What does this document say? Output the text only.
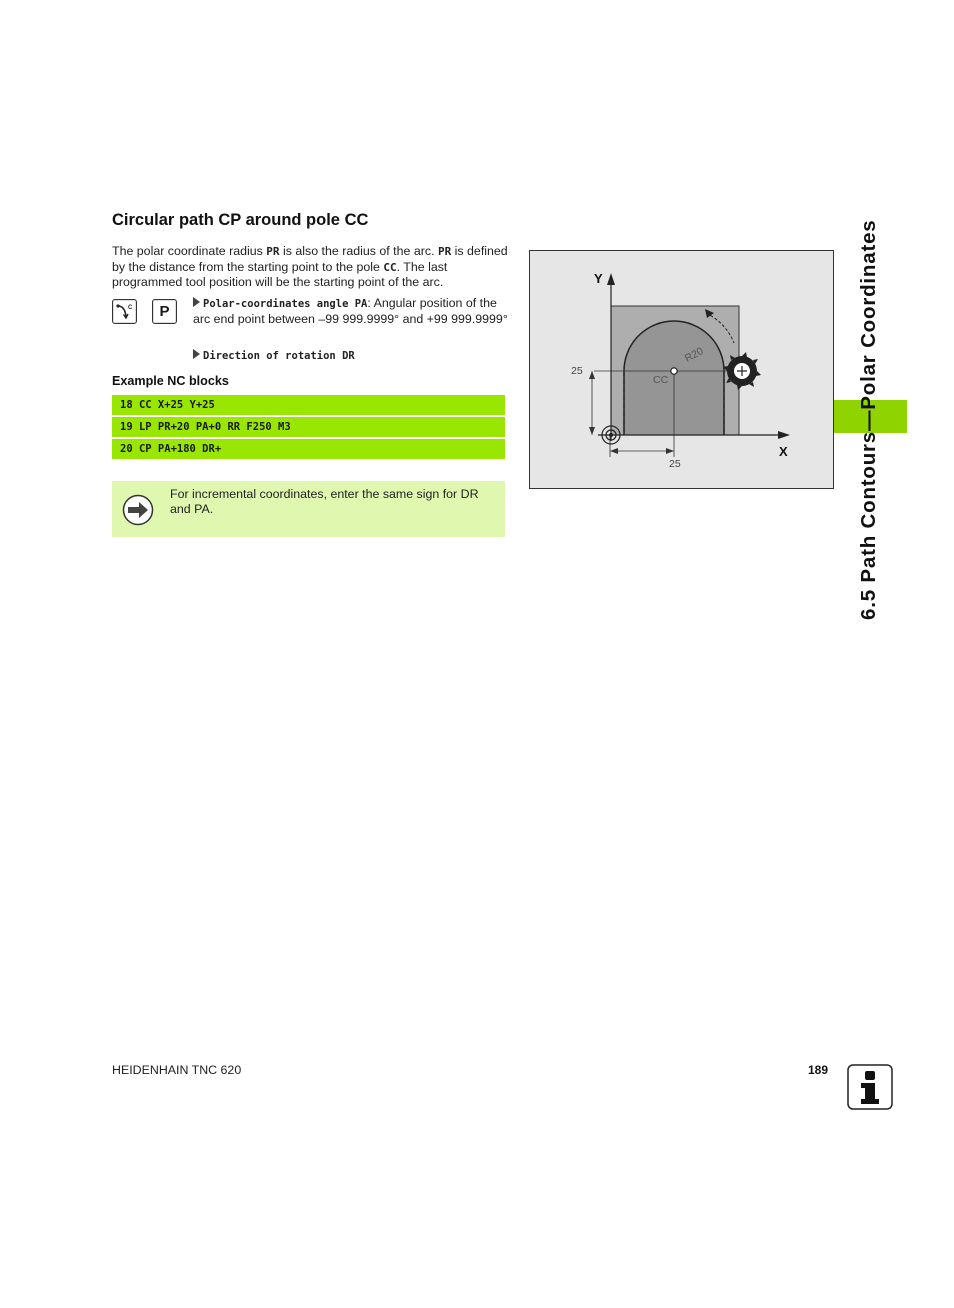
Circular path CP around pole CC
The polar coordinate radius PR is also the radius of the arc. PR is defined by the distance from the starting point to the pole CC. The last programmed tool position will be the starting point of the arc.
C	P	Polar-coordinates angle PA: Angular position of the arc end point between –99 999.9999° and +99 999.9999°
Direction of rotation DR
Example NC blocks
18 CC X+25 Y+25
19 LP PR+20 PA+0 RR F250 M3
20 CP PA+180 DR+
For incremental coordinates, enter the same sign for DR and PA.
Y
X
25
25
CC
R20	6.5 Path Contours—Polar Coordinates
HEIDENHAIN TNC 620	189
